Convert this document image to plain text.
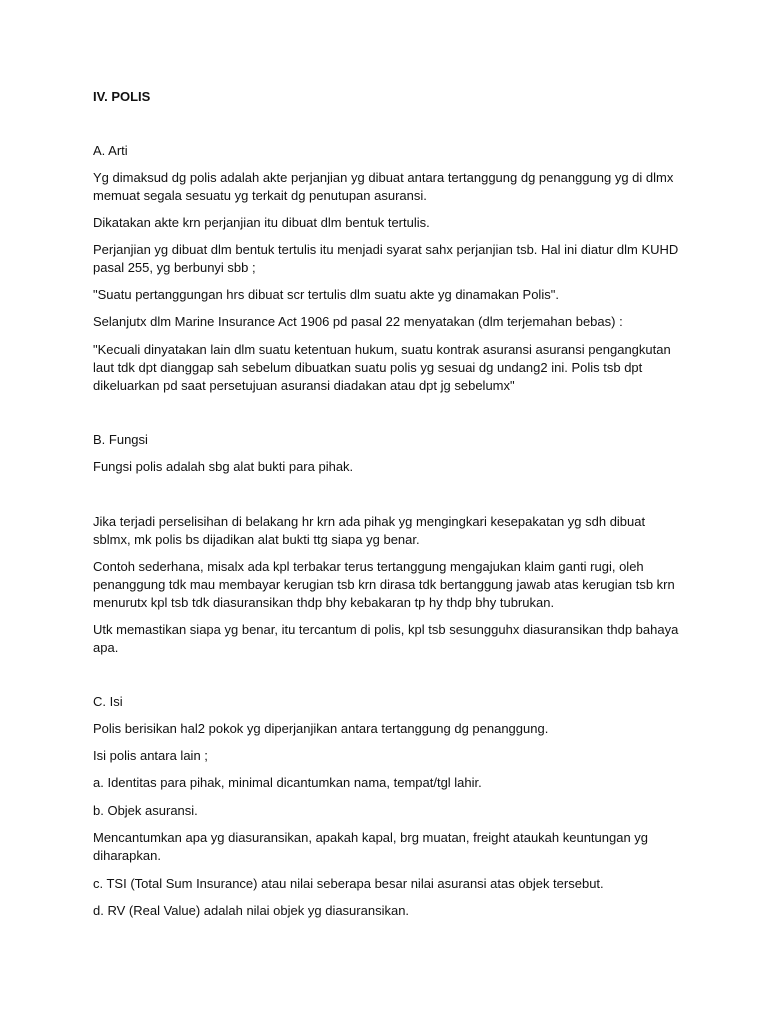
IV. POLIS

A. Arti

Yg dimaksud dg polis adalah akte perjanjian yg dibuat antara tertanggung dg penanggung yg di dlmx memuat segala sesuatu yg terkait dg penutupan asuransi.

Dikatakan akte krn perjanjian itu dibuat dlm bentuk tertulis.

Perjanjian yg dibuat dlm bentuk tertulis itu menjadi syarat sahx perjanjian tsb. Hal ini diatur dlm KUHD pasal 255, yg berbunyi sbb ;

"Suatu pertanggungan hrs dibuat scr tertulis dlm suatu akte yg dinamakan Polis".

Selanjutx dlm Marine Insurance Act 1906 pd pasal 22 menyatakan (dlm terjemahan bebas) :

"Kecuali dinyatakan lain dlm suatu ketentuan hukum, suatu kontrak asuransi asuransi pengangkutan laut tdk dpt dianggap sah sebelum dibuatkan suatu polis yg sesuai dg undang2 ini. Polis tsb dpt dikeluarkan pd saat persetujuan asuransi diadakan atau dpt jg sebelumx"

B. Fungsi

Fungsi polis adalah sbg alat bukti para pihak.

Jika terjadi perselisihan di belakang hr krn ada pihak yg mengingkari kesepakatan yg sdh dibuat sblmx, mk polis bs dijadikan alat bukti ttg siapa yg benar.

Contoh sederhana, misalx ada kpl terbakar terus tertanggung mengajukan klaim ganti rugi, oleh penanggung tdk mau membayar kerugian tsb krn dirasa tdk bertanggung jawab atas kerugian tsb krn menurutx kpl tsb tdk diasuransikan thdp bhy kebakaran tp hy thdp bhy tubrukan.

Utk memastikan siapa yg benar, itu tercantum di polis, kpl tsb sesungguhx diasuransikan thdp bahaya apa.

C. Isi

Polis berisikan hal2 pokok yg diperjanjikan antara tertanggung dg penanggung.

Isi polis antara lain ;

a. Identitas para pihak, minimal dicantumkan nama, tempat/tgl lahir.

b. Objek asuransi.

Mencantumkan apa yg diasuransikan, apakah kapal, brg muatan, freight ataukah keuntungan yg diharapkan.

c. TSI (Total Sum Insurance) atau nilai seberapa besar nilai asuransi atas objek tersebut.

d. RV (Real Value) adalah nilai objek yg diasuransikan.
